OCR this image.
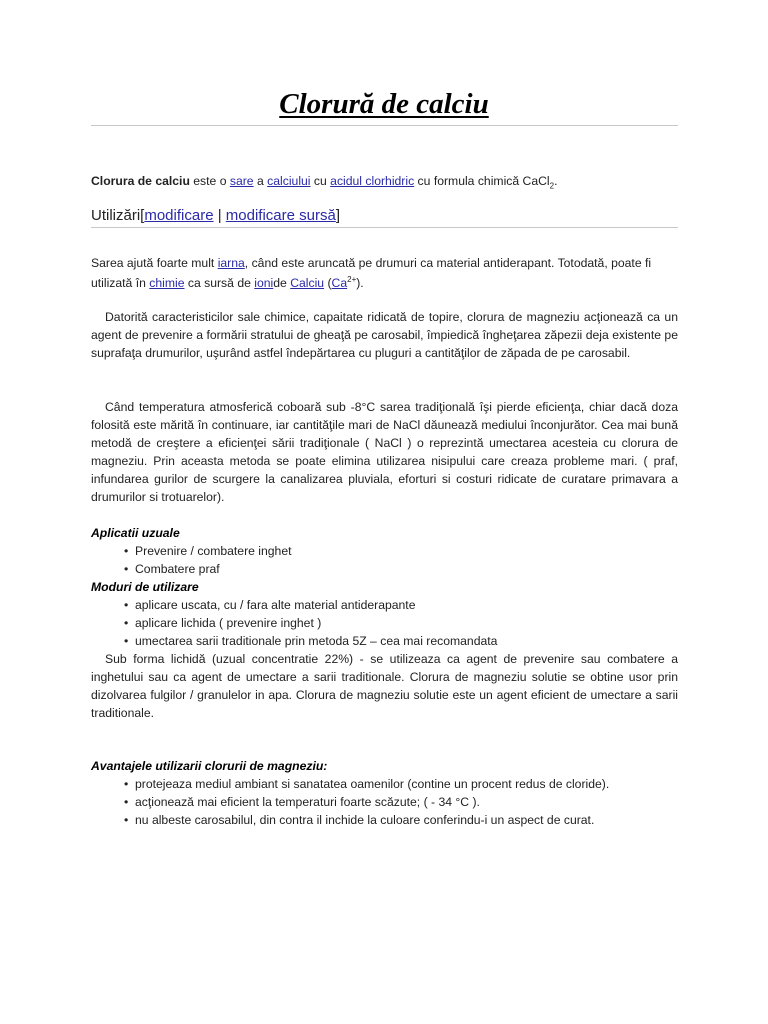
Clorură de calciu

Clorura de calciu este o sare a calciului cu acidul clorhidric cu formula chimică CaCl$_2$.

Utilizări[modificare | modificare sursă]

Sarea ajută foarte mult iarna, când este aruncată pe drumuri ca material antiderapant. Totodată, poate fi utilizată în chimie ca sursă de ionide Calciu $(Ca^{2+})$.

Datorită caracteristicilor sale chimice, capaitate ridicată de topire, clorura de magneziu acţionează ca un agent de prevenire a formării stratului de gheaţă pe carosabil, împiedică îngheţarea zăpezii deja existente pe suprafaţa drumurilor, uşurând astfel îndepărtarea cu pluguri a cantităţilor de zăpada de pe carosabil.

Când temperatura atmosferică coboară sub -8°C sarea tradiţională îşi pierde eficienţa, chiar dacă doza folosită este mărită în continuare, iar cantităţile mari de NaCl dăunează mediului înconjurător. Cea mai bună metodă de creştere a eficienţei sării tradiţionale ( NaCl ) o reprezintă umectarea acesteia cu clorura de magneziu. Prin aceasta metoda se poate elimina utilizarea nisipului care creaza probleme mari. ( praf, infundarea gurilor de scurgere la canalizarea pluviala, eforturi si costuri ridicate de curatare primavara a drumurilor si trotuarelor).

Aplicatii uzuale
• Prevenire / combatere inghet
• Combatere praf
Moduri de utilizare
• aplicare uscata, cu / fara alte material antiderapante
• aplicare lichida ( prevenire inghet )
• umectarea sarii traditionale prin metoda 5Z – cea mai recomandata

Sub forma lichidă (uzual concentratie 22%) - se utilizeaza ca agent de prevenire sau combatere a inghetului sau ca agent de umectare a sarii traditionale. Clorura de magneziu solutie se obtine usor prin dizolvarea fulgilor / granulelor in apa. Clorura de magneziu solutie este un agent eficient de umectare a sarii traditionale.

Avantajele utilizarii clorurii de magneziu:
• protejeaza mediul ambiant si sanatatea oamenilor (contine un procent redus de cloride).
• acţionează mai eficient la temperaturi foarte scăzute; ( - 34 °C ).
• nu albeste carosabilul, din contra il inchide la culoare conferindu-i un aspect de curat.
